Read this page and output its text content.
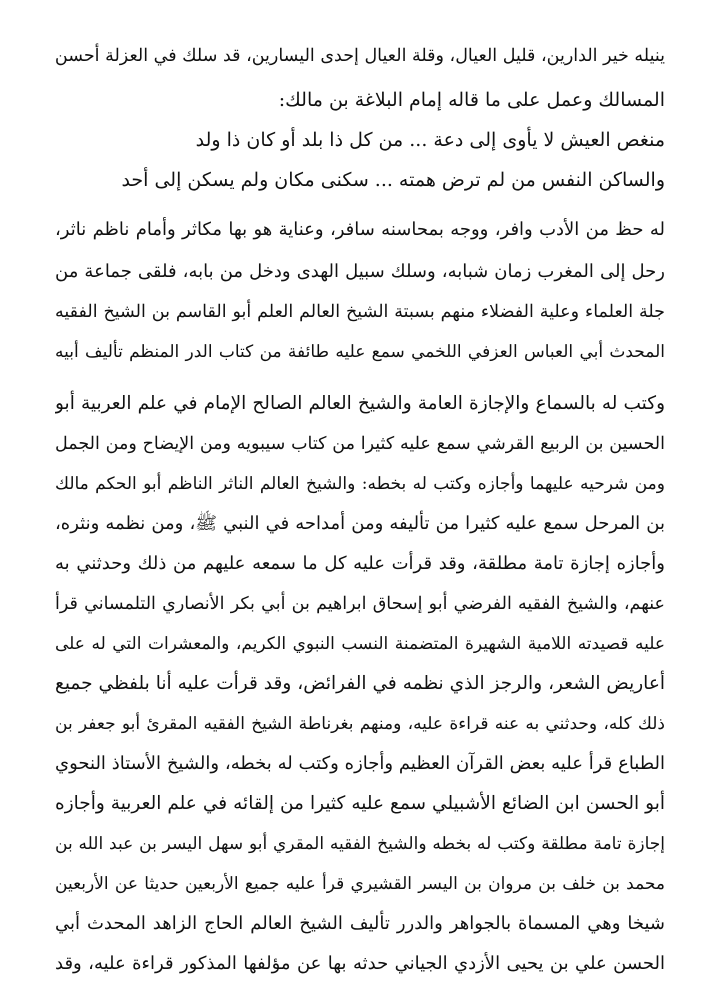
ينيله خير الدارين، قليل العيال، وقلة العيال إحدى اليسارين، قد سلك في العزلة أحسن
المسالك وعمل على ما قاله إمام البلاغة بن مالك:
منغص العيش لا يأوى إلى دعة ... من كل ذا بلد أو كان ذا ولد
والساكن النفس من لم ترض همته ... سكنى مكان ولم يسكن إلى أحد
له حظ من الأدب وافر، ووجه بمحاسنه سافر، وعناية هو بها مكاثر وأمام ناظم ناثر،
رحل إلى المغرب زمان شبابه، وسلك سبيل الهدى ودخل من بابه، فلقى جماعة من
جلة العلماء وعلية الفضلاء منهم بسبتة الشيخ العالم العلم أبو القاسم بن الشيخ الفقيه
المحدث أبي العباس العزفي اللخمي سمع عليه طائفة من كتاب الدر المنظم تأليف أبيه
وكتب له بالسماع والإجازة العامة والشيخ العالم الصالح الإمام في علم العربية أبو
الحسين بن الربيع القرشي سمع عليه كثيرا من كتاب سيبويه ومن الإيضاح ومن الجمل
ومن شرحيه عليهما وأجازه وكتب له بخطه: والشيخ العالم الناثر الناظم أبو الحكم مالك
بن المرحل سمع عليه كثيرا من تأليفه ومن أمداحه في النبي ﷺ، ومن نظمه ونثره،
وأجازه إجازة تامة مطلقة، وقد قرأت عليه كل ما سمعه عليهم من ذلك وحدثني به
عنهم، والشيخ الفقيه الفرضي أبو إسحاق ابراهيم بن أبي بكر الأنصاري التلمساني قرأ
عليه قصيدته اللامية الشهيرة المتضمنة النسب النبوي الكريم، والمعشرات التي له على
أعاريض الشعر، والرجز الذي نظمه في الفرائض، وقد قرأت عليه أنا بلفظي جميع
ذلك كله، وحدثني به عنه قراءة عليه، ومنهم بغرناطة الشيخ الفقيه المقرئ أبو جعفر بن
الطباع قرأ عليه بعض القرآن العظيم وأجازه وكتب له بخطه، والشيخ الأستاذ النحوي
أبو الحسن ابن الضائع الأشبيلي سمع عليه كثيرا من إلقائه في علم العربية وأجازه
إجازة تامة مطلقة وكتب له بخطه والشيخ الفقيه المقري أبو سهل اليسر بن عبد الله بن
محمد بن خلف بن مروان بن اليسر القشيري قرأ عليه جميع الأربعين حديثا عن الأربعين
شيخا وهي المسماة بالجواهر والدرر تأليف الشيخ العالم الحاج الزاهد المحدث أبي
الحسن علي بن يحيى الأزدي الجياني حدثه بها عن مؤلفها المذكور قراءة عليه، وقد
